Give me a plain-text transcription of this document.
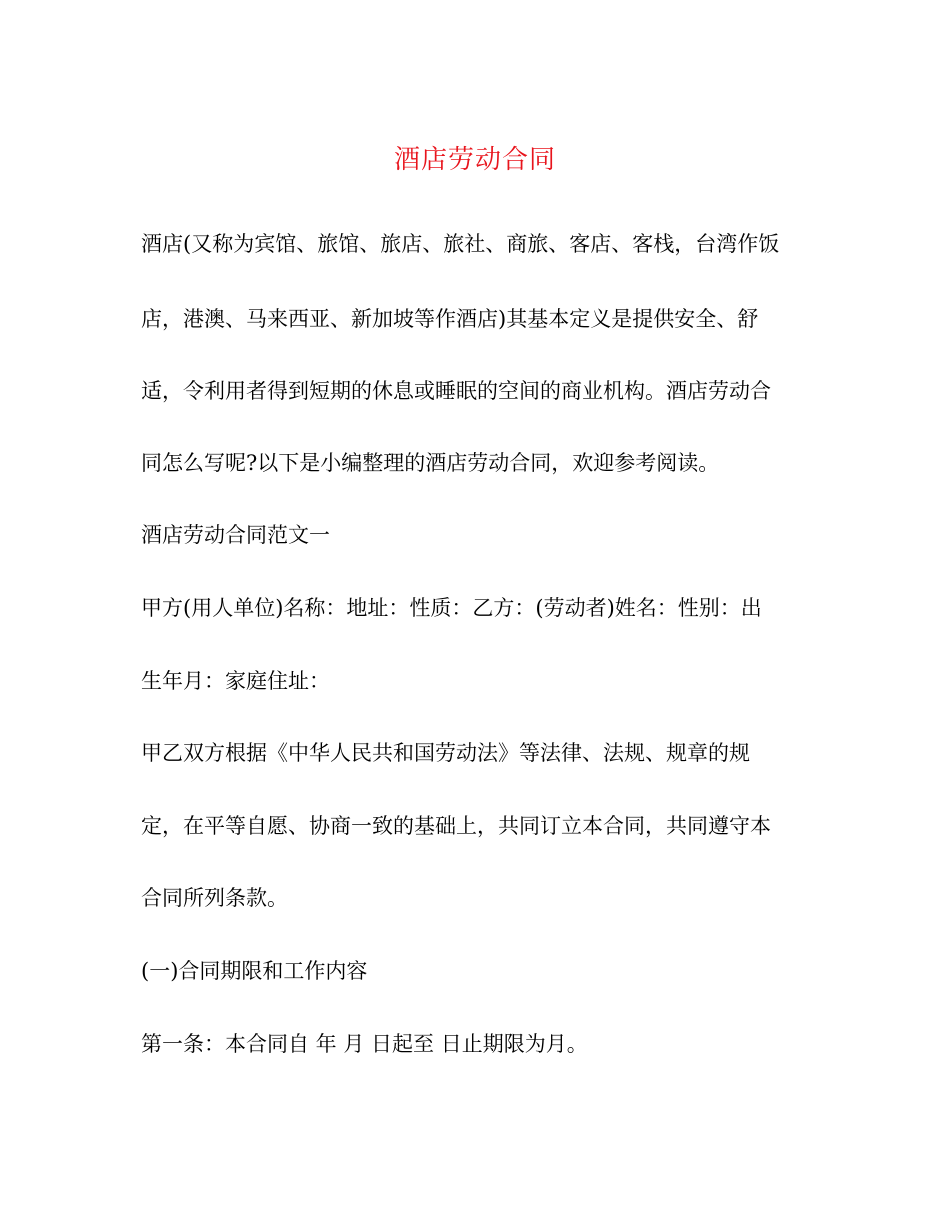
酒店劳动合同
酒店(又称为宾馆、旅馆、旅店、旅社、商旅、客店、客栈，台湾作饭
店，港澳、马来西亚、新加坡等作酒店)其基本定义是提供安全、舒
适，令利用者得到短期的休息或睡眠的空间的商业机构。酒店劳动合
同怎么写呢?以下是小编整理的酒店劳动合同，欢迎参考阅读。
酒店劳动合同范文一
甲方(用人单位)名称：地址：性质：乙方：(劳动者)姓名：性别：出
生年月：家庭住址：
甲乙双方根据《中华人民共和国劳动法》等法律、法规、规章的规
定，在平等自愿、协商一致的基础上，共同订立本合同，共同遵守本
合同所列条款。
(一)合同期限和工作内容
第一条：本合同自 年 月 日起至 日止期限为月。
